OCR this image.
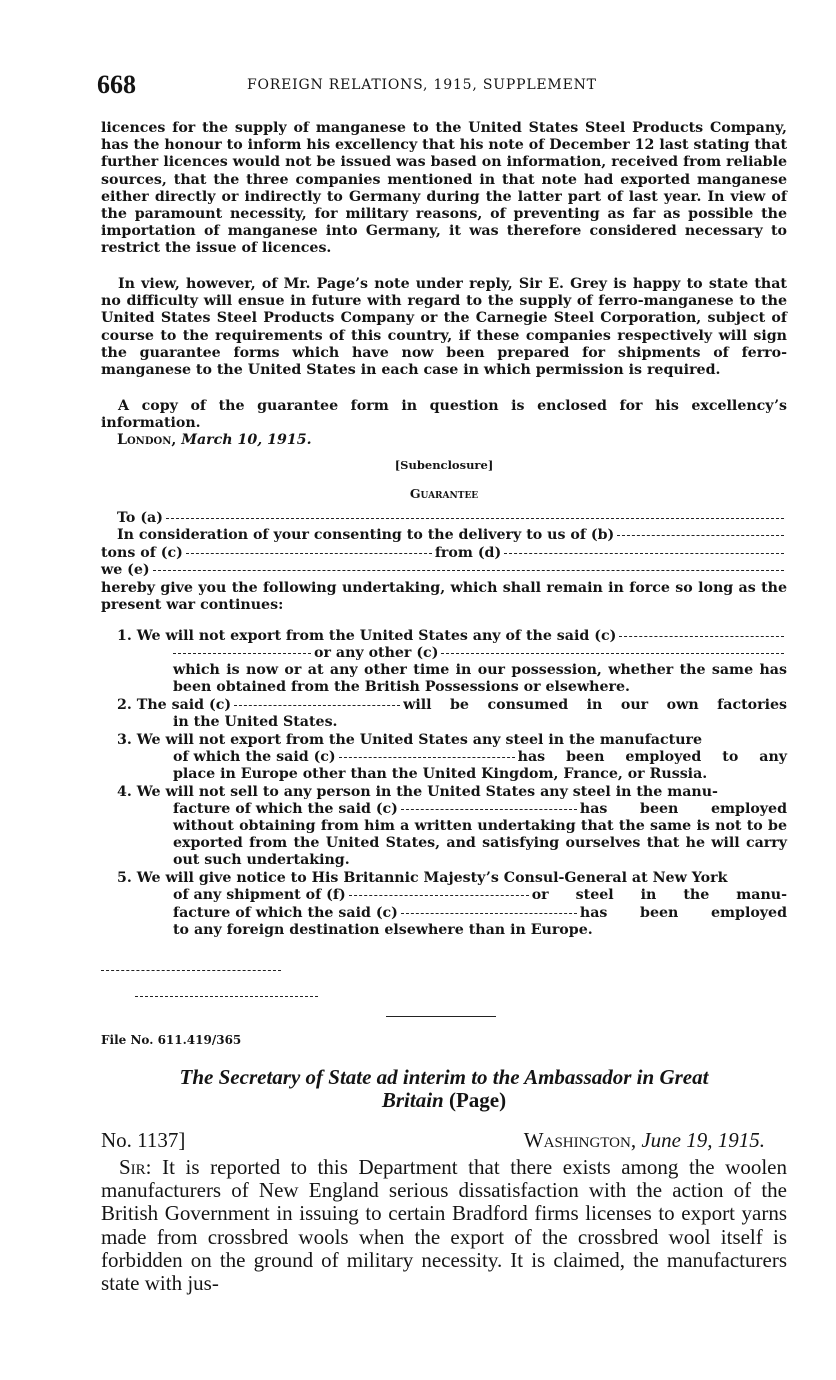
668	FOREIGN RELATIONS, 1915, SUPPLEMENT

licences for the supply of manganese to the United States Steel Products Company, has the honour to inform his excellency that his note of December 12 last stating that further licences would not be issued was based on information, received from reliable sources, that the three companies mentioned in that note had exported manganese either directly or indirectly to Germany during the latter part of last year. In view of the paramount necessity, for military reasons, of preventing as far as possible the importation of manganese into Germany, it was therefore considered necessary to restrict the issue of licences.

In view, however, of Mr. Page’s note under reply, Sir E. Grey is happy to state that no difficulty will ensue in future with regard to the supply of ferro-manganese to the United States Steel Products Company or the Carnegie Steel Corporation, subject of course to the requirements of this country, if these companies respectively will sign the guarantee forms which have now been prepared for shipments of ferro-manganese to the United States in each case in which permission is required.

A copy of the guarantee form in question is enclosed for his excellency’s information.

London, March 10, 1915.
[Subenclosure]
Guarantee
To (a)
In consideration of your consenting to the delivery to us of (b)
tons of (c)	from (d)
we (e)

hereby give you the following undertaking, which shall remain in force so long as the present war continues:

1.
We will not export from the United States any of the said (c)
or any other (c)

which is now or at any other time in our possession, whether the same has been obtained from the British Possessions or elsewhere.

2.
The said (c)	will be consumed in our own factories

in the United States.

3.
We will not export from the United States any steel in the manufacture
of which the said (c)	has been employed to any

place in Europe other than the United Kingdom, France, or Russia.

4.
We will not sell to any person in the United States any steel in the manu-
facture of which the said (c)	has been employed

without obtaining from him a written undertaking that the same is not to be exported from the United States, and satisfying ourselves that he will carry out such undertaking.

5.
We will give notice to His Britannic Majesty’s Consul-General at New York
of any shipment of (f)	or steel in the manu-
facture of which the said (c)	has been employed

to any foreign destination elsewhere than in Europe.

File No. 611.419/365
The Secretary of State ad interim to the Ambassador in Great
Britain (Page)
No. 1137]	Washington, June 19, 1915.

Sir: It is reported to this Department that there exists among the woolen manufacturers of New England serious dissatisfaction with the action of the British Government in issuing to certain Bradford firms licenses to export yarns made from crossbred wools when the export of the crossbred wool itself is forbidden on the ground of military necessity. It is claimed, the manufacturers state with jus-
